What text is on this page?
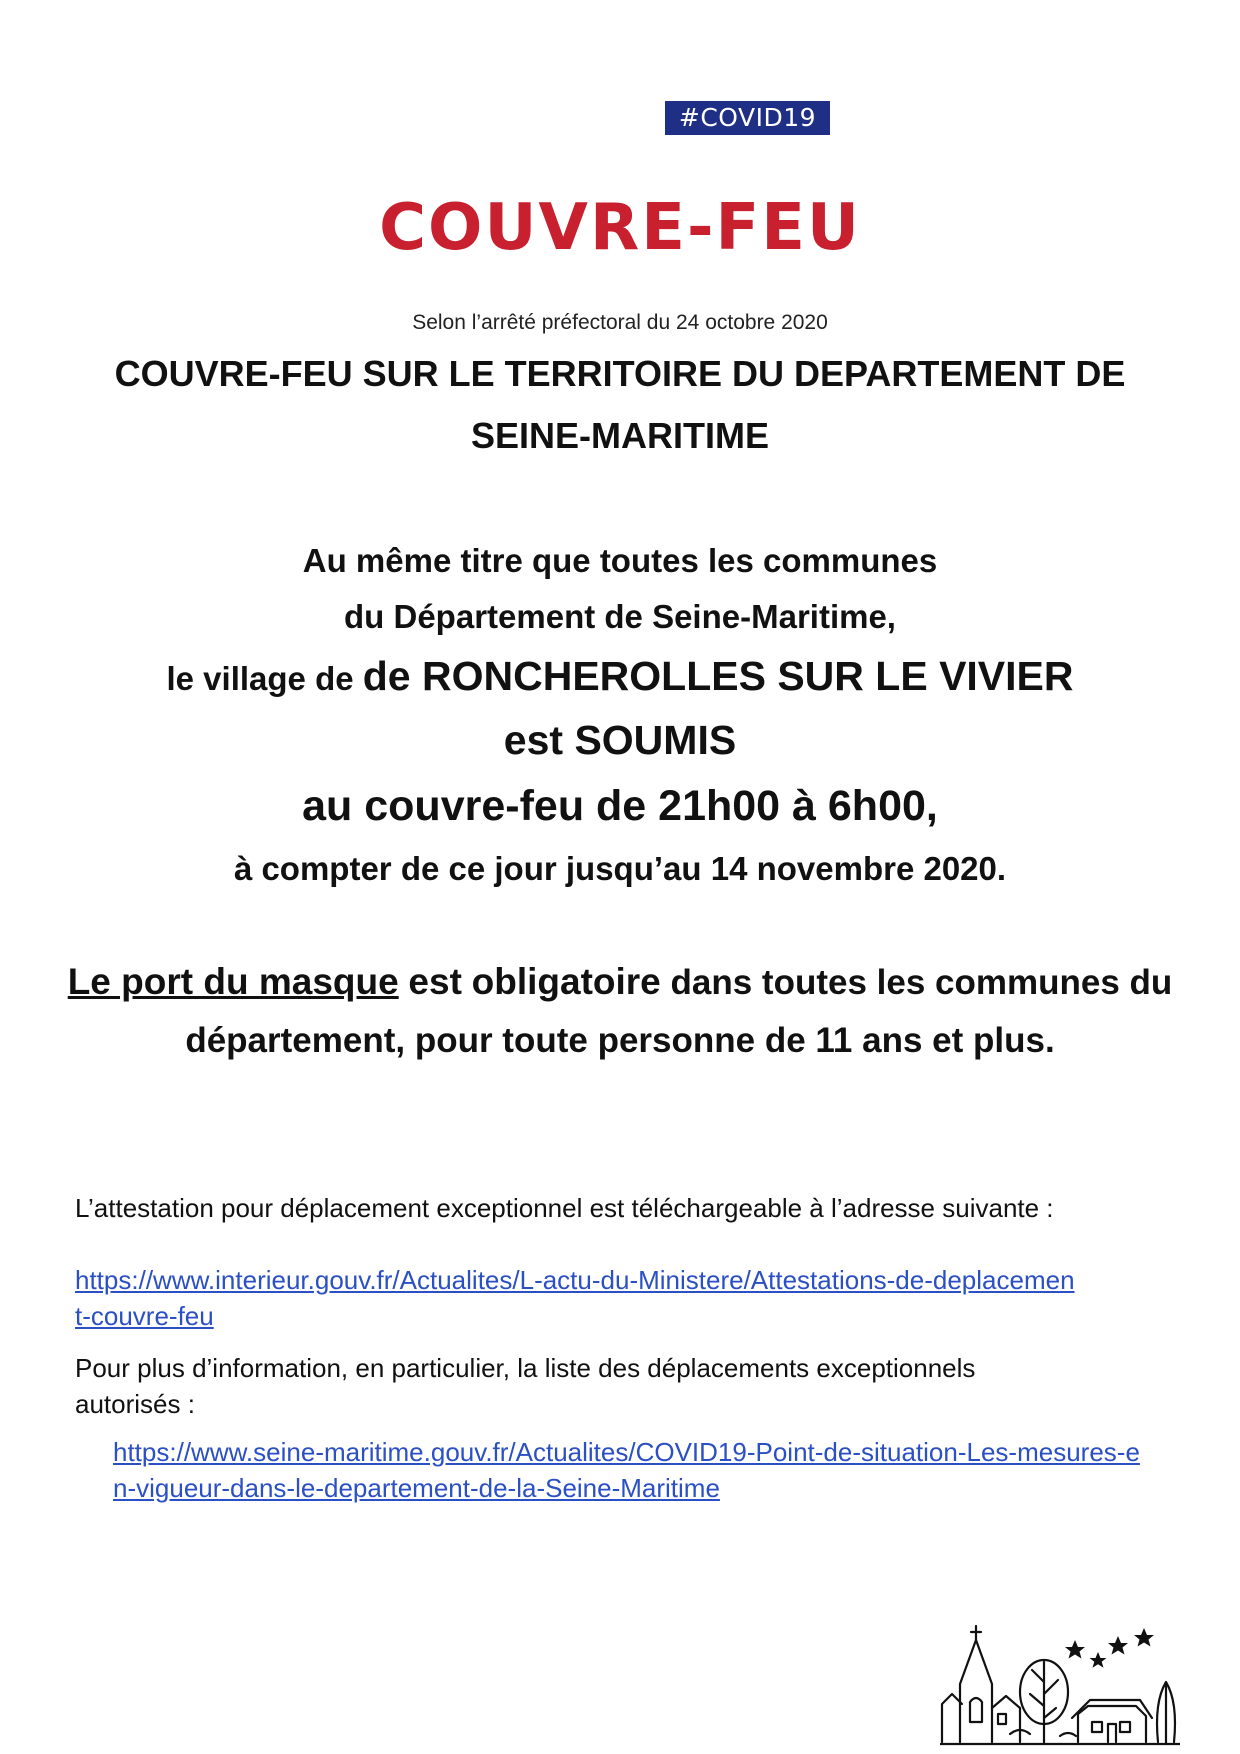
#COVID19
COUVRE-FEU
Selon l’arrêté préfectoral du 24 octobre 2020
COUVRE-FEU SUR LE TERRITOIRE DU DEPARTEMENT DE SEINE-MARITIME
Au même titre que toutes les communes
du Département de Seine-Maritime,
le village de de RONCHEROLLES SUR LE VIVIER
est SOUMIS
au couvre-feu de 21h00 à 6h00,
à compter de ce jour jusqu’au 14 novembre 2020.
Le port du masque est obligatoire dans toutes les communes du département, pour toute personne de 11 ans et plus.
L’attestation pour déplacement exceptionnel est téléchargeable à l’adresse suivante :
https://www.interieur.gouv.fr/Actualites/L-actu-du-Ministere/Attestations-de-deplacement-couvre-feu
Pour plus d’information, en particulier, la liste des déplacements exceptionnels autorisés :
https://www.seine-maritime.gouv.fr/Actualites/COVID19-Point-de-situation-Les-mesures-en-vigueur-dans-le-departement-de-la-Seine-Maritime
